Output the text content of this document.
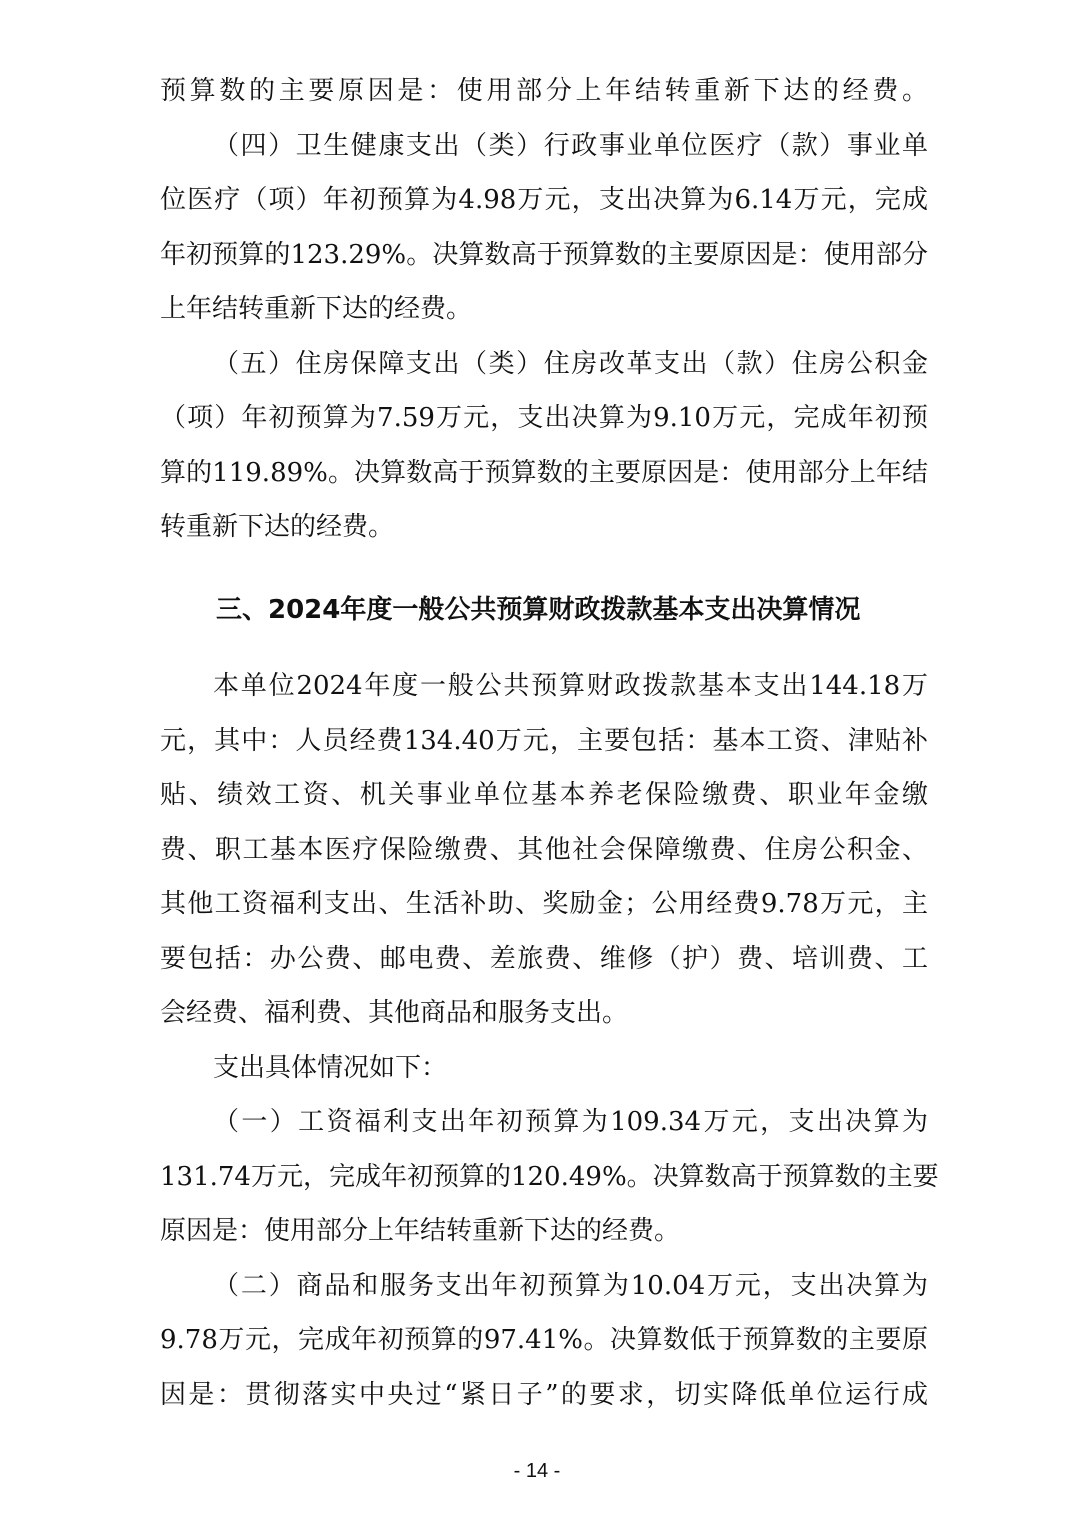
预算数的主要原因是：使用部分上年结转重新下达的经费。
（四）卫生健康支出（类）行政事业单位医疗（款）事业单
位医疗（项）年初预算为4.98万元，支出决算为6.14万元，完成
年初预算的123.29%。决算数高于预算数的主要原因是：使用部分
上年结转重新下达的经费。
（五）住房保障支出（类）住房改革支出（款）住房公积金
（项）年初预算为7.59万元，支出决算为9.10万元，完成年初预
算的119.89%。决算数高于预算数的主要原因是：使用部分上年结
转重新下达的经费。
三、2024年度一般公共预算财政拨款基本支出决算情况
本单位2024年度一般公共预算财政拨款基本支出144.18万
元，其中：人员经费134.40万元，主要包括：基本工资、津贴补
贴、绩效工资、机关事业单位基本养老保险缴费、职业年金缴
费、职工基本医疗保险缴费、其他社会保障缴费、住房公积金、
其他工资福利支出、生活补助、奖励金；公用经费9.78万元，主
要包括：办公费、邮电费、差旅费、维修（护）费、培训费、工
会经费、福利费、其他商品和服务支出。
支出具体情况如下：
（一）工资福利支出年初预算为109.34万元，支出决算为
131.74万元，完成年初预算的120.49%。决算数高于预算数的主要
原因是：使用部分上年结转重新下达的经费。
（二）商品和服务支出年初预算为10.04万元，支出决算为
9.78万元，完成年初预算的97.41%。决算数低于预算数的主要原
因是：贯彻落实中央过“紧日子”的要求，切实降低单位运行成
- 14 -
